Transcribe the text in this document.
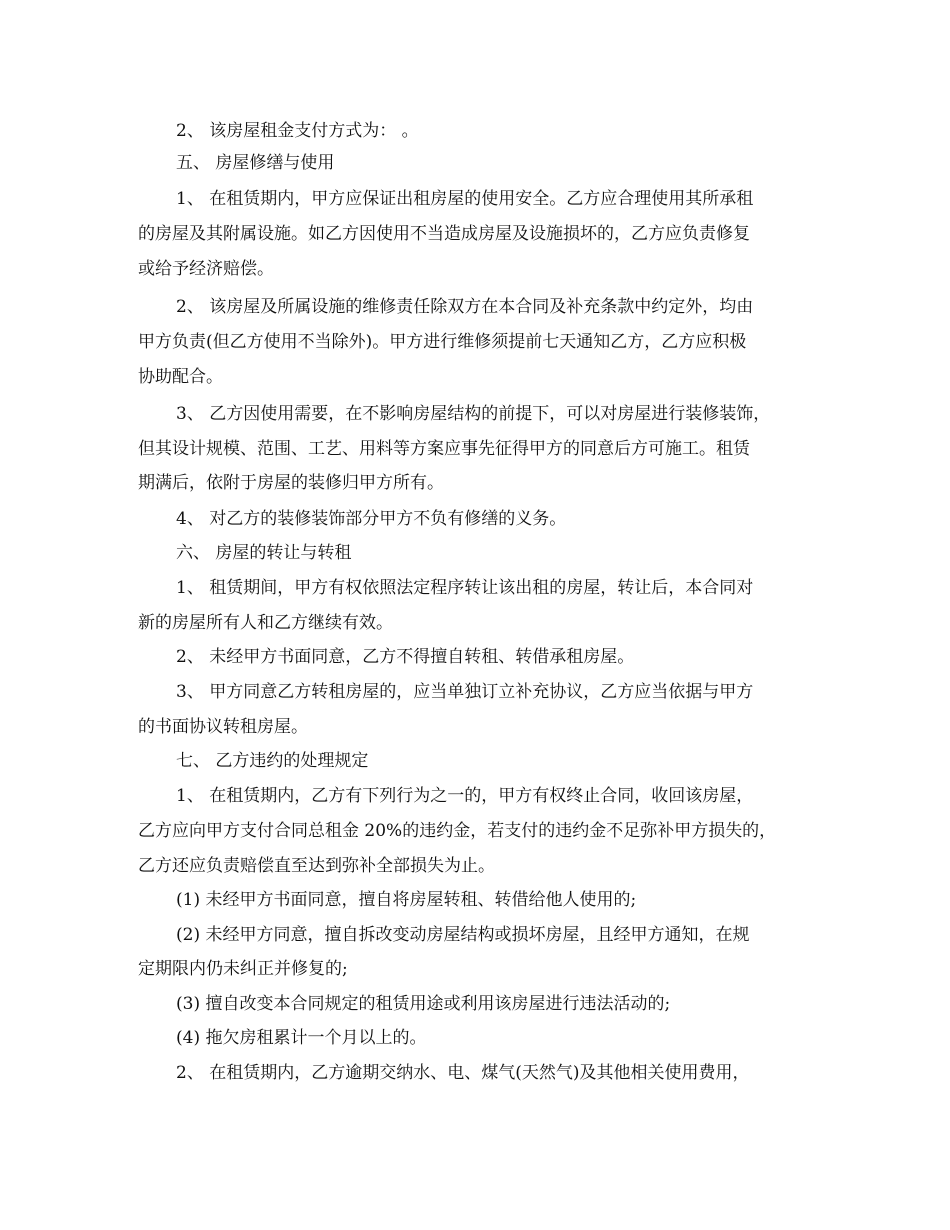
2、 该房屋租金支付方式为： 。

五、 房屋修缮与使用

1、 在租赁期内，甲方应保证出租房屋的使用安全。乙方应合理使用其所承租

的房屋及其附属设施。如乙方因使用不当造成房屋及设施损坏的，乙方应负责修复

或给予经济赔偿。

2、 该房屋及所属设施的维修责任除双方在本合同及补充条款中约定外，均由

甲方负责(但乙方使用不当除外)。甲方进行维修须提前七天通知乙方，乙方应积极

协助配合。

3、 乙方因使用需要，在不影响房屋结构的前提下，可以对房屋进行装修装饰，

但其设计规模、范围、工艺、用料等方案应事先征得甲方的同意后方可施工。租赁

期满后，依附于房屋的装修归甲方所有。

4、 对乙方的装修装饰部分甲方不负有修缮的义务。

六、 房屋的转让与转租

1、 租赁期间，甲方有权依照法定程序转让该出租的房屋，转让后，本合同对

新的房屋所有人和乙方继续有效。

2、 未经甲方书面同意，乙方不得擅自转租、转借承租房屋。

3、 甲方同意乙方转租房屋的，应当单独订立补充协议，乙方应当依据与甲方

的书面协议转租房屋。

七、 乙方违约的处理规定

1、 在租赁期内，乙方有下列行为之一的，甲方有权终止合同，收回该房屋，

乙方应向甲方支付合同总租金 20%的违约金，若支付的违约金不足弥补甲方损失的，

乙方还应负责赔偿直至达到弥补全部损失为止。

(1) 未经甲方书面同意，擅自将房屋转租、转借给他人使用的;

(2) 未经甲方同意，擅自拆改变动房屋结构或损坏房屋，且经甲方通知，在规

定期限内仍未纠正并修复的;

(3) 擅自改变本合同规定的租赁用途或利用该房屋进行违法活动的;

(4) 拖欠房租累计一个月以上的。

2、 在租赁期内，乙方逾期交纳水、电、煤气(天然气)及其他相关使用费用，
